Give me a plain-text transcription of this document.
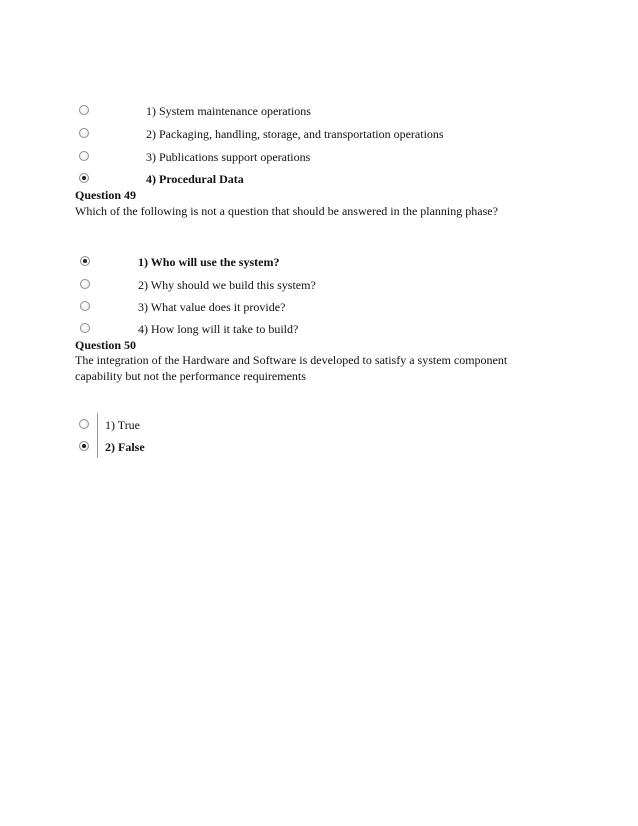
1) System maintenance operations
2) Packaging, handling, storage, and transportation operations
3) Publications support operations
4) Procedural Data
Question 49
Which of the following is not a question that should be answered in the planning phase?
1) Who will use the system?
2) Why should we build this system?
3) What value does it provide?
4) How long will it take to build?
Question 50
The integration of the Hardware and Software is developed to satisfy a system component
capability but not the performance requirements
1) True
2) False
